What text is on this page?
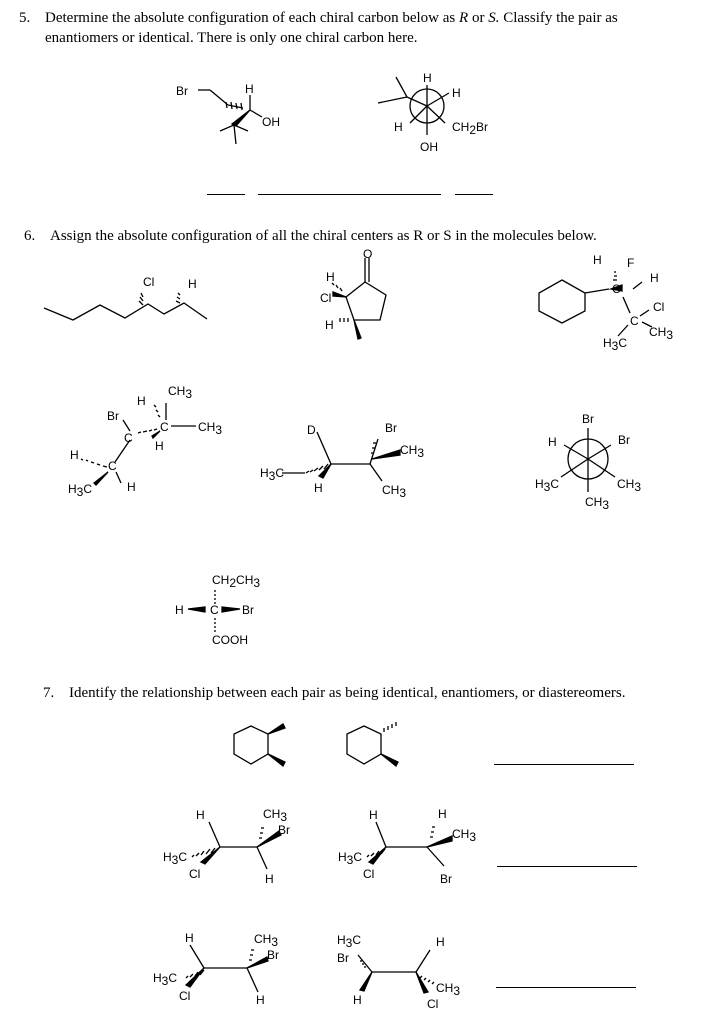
5. Determine the absolute configuration of each chiral carbon below as R or S. Classify the pair as
enantiomers or identical. There is only one chiral carbon here.
6. Assign the absolute configuration of all the chiral centers as R or S in the molecules below.
7. Identify the relationship between each pair as being identical, enantiomers, or diastereomers.
Br	H
OH
H
H
H	CH2Br
OH
Cl	H	H
Cl
H
O	H F
C
H
C
Cl
CH3
H3C
CH3
H
Br
C CH3
C
H
H
C
H3C	H
D
H3C
H
Br
CH3
CH3
Br
H	Br
H3C	CH3
CH3
CH2CH3
H C Br
COOH
H	CH3
Br
H3C
Cl	H
H	H
CH3
H3C
Cl	Br
H	CH3
Br
H3C
Cl	H
H3C
Br
H
H
CH3
Cl
